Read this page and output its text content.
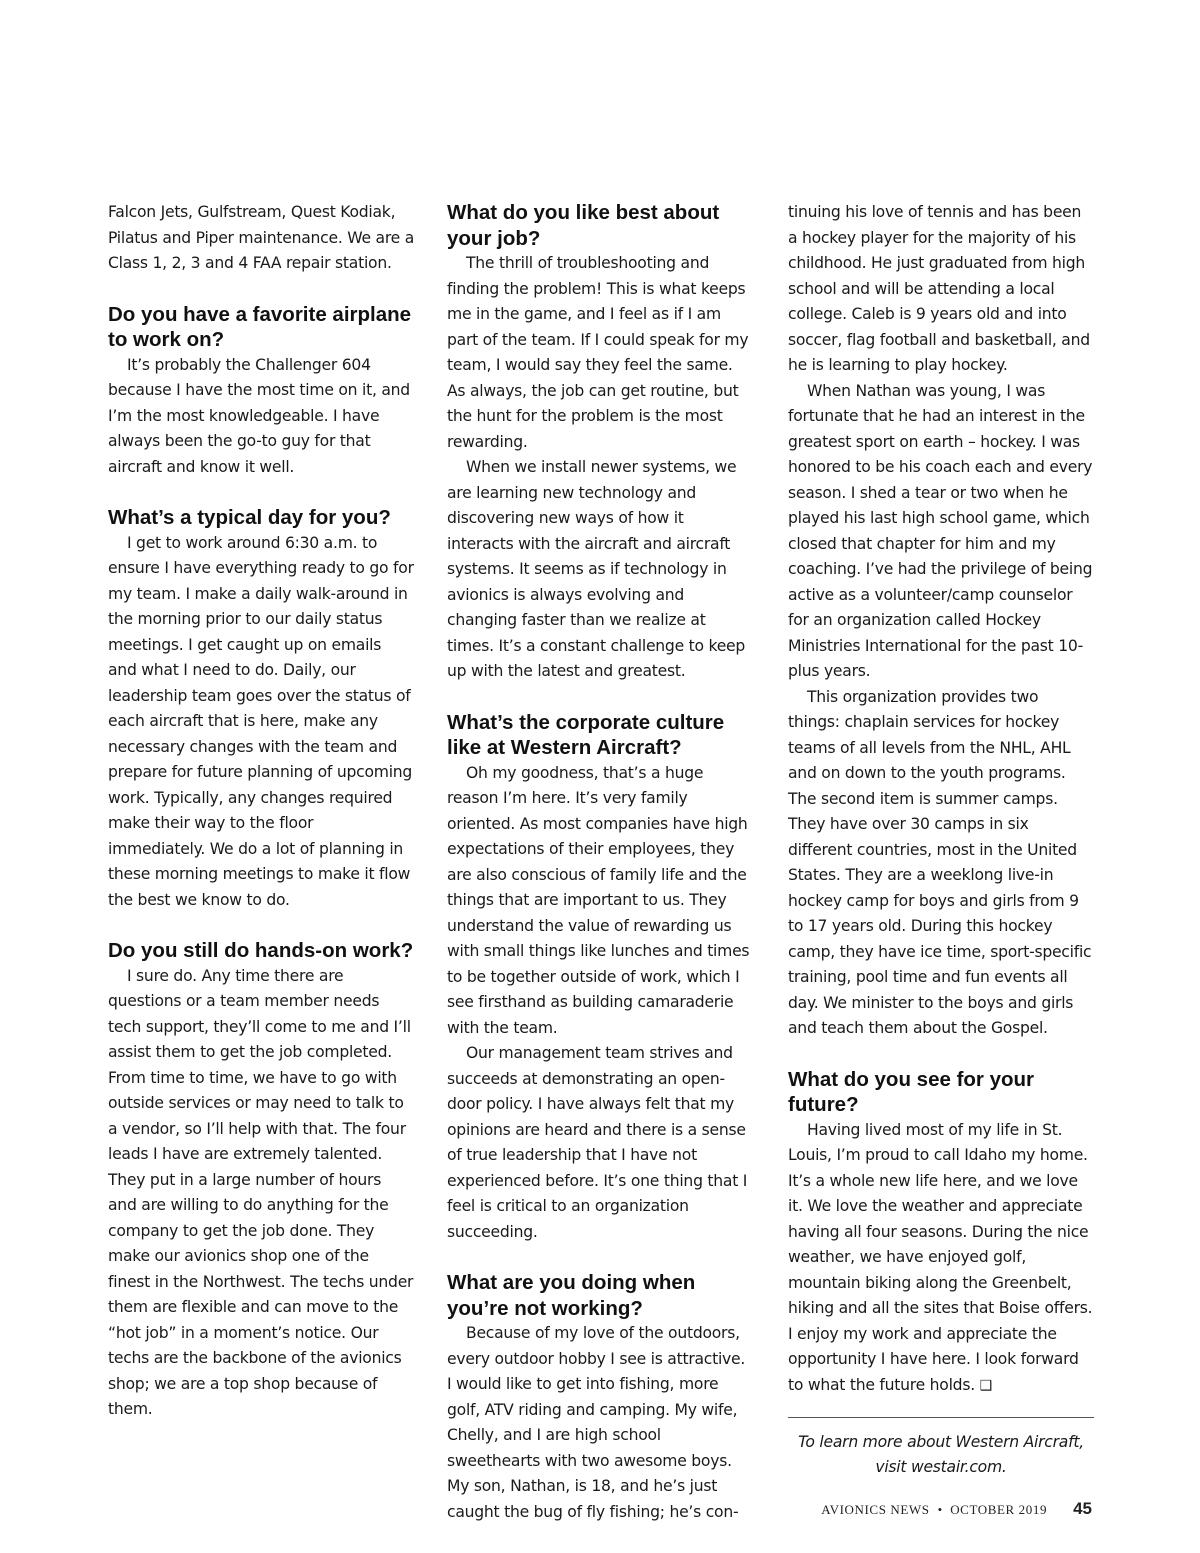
Falcon Jets, Gulfstream, Quest Kodiak, Pilatus and Piper maintenance. We are a Class 1, 2, 3 and 4 FAA repair station.

Do you have a favorite airplane to work on?

It’s probably the Challenger 604 because I have the most time on it, and I’m the most knowledgeable. I have always been the go-to guy for that aircraft and know it well.

What’s a typical day for you?

I get to work around 6:30 a.m. to ensure I have everything ready to go for my team. I make a daily walk-around in the morning prior to our daily status meetings. I get caught up on emails and what I need to do. Daily, our leadership team goes over the status of each aircraft that is here, make any necessary changes with the team and prepare for future planning of upcoming work. Typically, any changes required make their way to the floor immediately. We do a lot of planning in these morning meetings to make it flow the best we know to do.

Do you still do hands-on work?

I sure do. Any time there are questions or a team member needs tech support, they’ll come to me and I’ll assist them to get the job completed. From time to time, we have to go with outside services or may need to talk to a vendor, so I’ll help with that. The four leads I have are extremely talented. They put in a large number of hours and are willing to do anything for the company to get the job done. They make our avionics shop one of the finest in the Northwest. The techs under them are flexible and can move to the “hot job” in a moment’s notice. Our techs are the backbone of the avionics shop; we are a top shop because of them.

What do you like best about your job?

The thrill of troubleshooting and finding the problem! This is what keeps me in the game, and I feel as if I am part of the team. If I could speak for my team, I would say they feel the same. As always, the job can get routine, but the hunt for the problem is the most rewarding.

When we install newer systems, we are learning new technology and discovering new ways of how it interacts with the aircraft and aircraft systems. It seems as if technology in avionics is always evolving and changing faster than we realize at times. It’s a constant challenge to keep up with the latest and greatest.

What’s the corporate culture like at Western Aircraft?

Oh my goodness, that’s a huge reason I’m here. It’s very family oriented. As most companies have high expectations of their employees, they are also conscious of family life and the things that are important to us. They understand the value of rewarding us with small things like lunches and times to be together outside of work, which I see firsthand as building camaraderie with the team.

Our management team strives and succeeds at demonstrating an open-door policy. I have always felt that my opinions are heard and there is a sense of true leadership that I have not experienced before. It’s one thing that I feel is critical to an organization succeeding.

What are you doing when you’re not working?

Because of my love of the outdoors, every outdoor hobby I see is attractive. I would like to get into fishing, more golf, ATV riding and camping. My wife, Chelly, and I are high school sweethearts with two awesome boys. My son, Nathan, is 18, and he’s just caught the bug of fly fishing; he’s con-

tinuing his love of tennis and has been a hockey player for the majority of his childhood. He just graduated from high school and will be attending a local college. Caleb is 9 years old and into soccer, flag football and basketball, and he is learning to play hockey.

When Nathan was young, I was fortunate that he had an interest in the greatest sport on earth – hockey. I was honored to be his coach each and every season. I shed a tear or two when he played his last high school game, which closed that chapter for him and my coaching. I’ve had the privilege of being active as a volunteer/camp counselor for an organization called Hockey Ministries International for the past 10-plus years.

This organization provides two things: chaplain services for hockey teams of all levels from the NHL, AHL and on down to the youth programs. The second item is summer camps. They have over 30 camps in six different countries, most in the United States. They are a weeklong live-in hockey camp for boys and girls from 9 to 17 years old. During this hockey camp, they have ice time, sport-specific training, pool time and fun events all day. We minister to the boys and girls and teach them about the Gospel.

What do you see for your future?

Having lived most of my life in St. Louis, I’m proud to call Idaho my home. It’s a whole new life here, and we love it. We love the weather and appreciate having all four seasons. During the nice weather, we have enjoyed golf, mountain biking along the Greenbelt, hiking and all the sites that Boise offers. I enjoy my work and appreciate the opportunity I have here. I look forward to what the future holds. ❑

To learn more about Western Aircraft,

visit westair.com.

AVIONICS NEWS • OCTOBER 2019 45
